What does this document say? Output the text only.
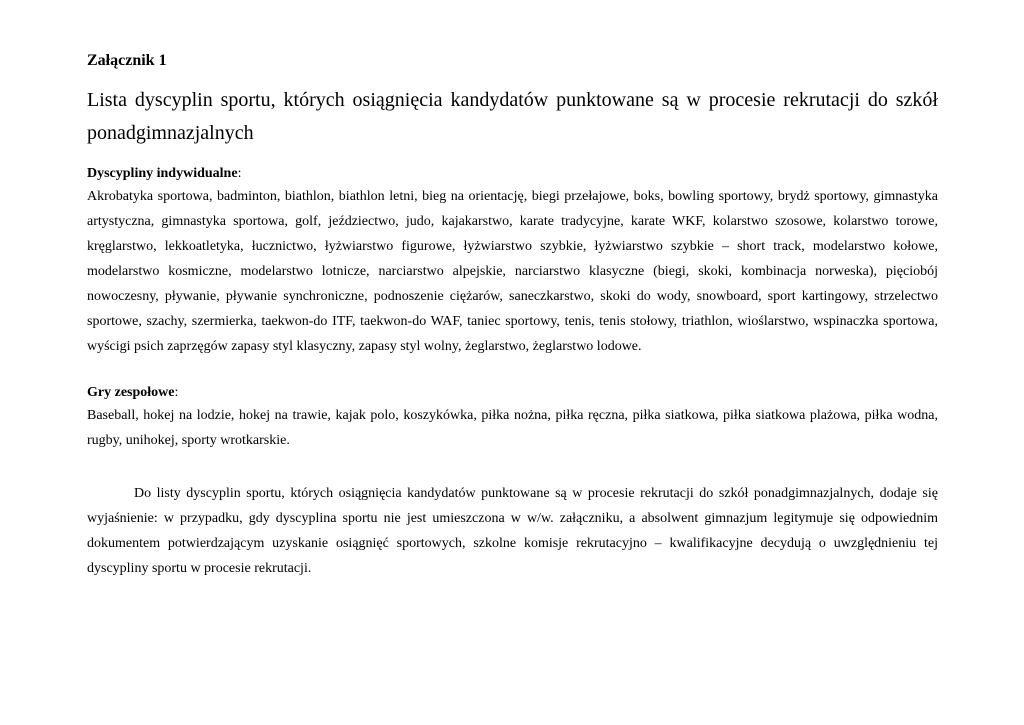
Załącznik 1

Lista dyscyplin sportu, których osiągnięcia kandydatów punktowane są w procesie rekrutacji do szkół ponadgimnazjalnych

Dyscypliny indywidualne:

Akrobatyka sportowa, badminton, biathlon, biathlon letni, bieg na orientację, biegi przełajowe, boks, bowling sportowy, brydż sportowy, gimnastyka artystyczna, gimnastyka sportowa, golf, jeździectwo, judo, kajakarstwo, karate tradycyjne, karate WKF, kolarstwo szosowe, kolarstwo torowe, kręglarstwo, lekkoatletyka, łucznictwo, łyżwiarstwo figurowe, łyżwiarstwo szybkie, łyżwiarstwo szybkie – short track, modelarstwo kołowe, modelarstwo kosmiczne, modelarstwo lotnicze, narciarstwo alpejskie, narciarstwo klasyczne (biegi, skoki, kombinacja norweska), pięciobój nowoczesny, pływanie, pływanie synchroniczne, podnoszenie ciężarów, saneczkarstwo, skoki do wody, snowboard, sport kartingowy, strzelectwo sportowe, szachy, szermierka, taekwon-do ITF, taekwon-do WAF, taniec sportowy, tenis, tenis stołowy, triathlon, wioślarstwo, wspinaczka sportowa, wyścigi psich zaprzęgów zapasy styl klasyczny, zapasy styl wolny, żeglarstwo, żeglarstwo lodowe.

Gry zespołowe:

Baseball, hokej na lodzie, hokej na trawie, kajak polo, koszykówka, piłka nożna, piłka ręczna, piłka siatkowa, piłka siatkowa plażowa, piłka wodna, rugby, unihokej, sporty wrotkarskie.

Do listy dyscyplin sportu, których osiągnięcia kandydatów punktowane są w procesie rekrutacji do szkół ponadgimnazjalnych, dodaje się wyjaśnienie: w przypadku, gdy dyscyplina sportu nie jest umieszczona w w/w. załączniku, a absolwent gimnazjum legitymuje się odpowiednim dokumentem potwierdzającym uzyskanie osiągnięć sportowych, szkolne komisje rekrutacyjno – kwalifikacyjne decydują o uwzględnieniu tej dyscypliny sportu w procesie rekrutacji.
